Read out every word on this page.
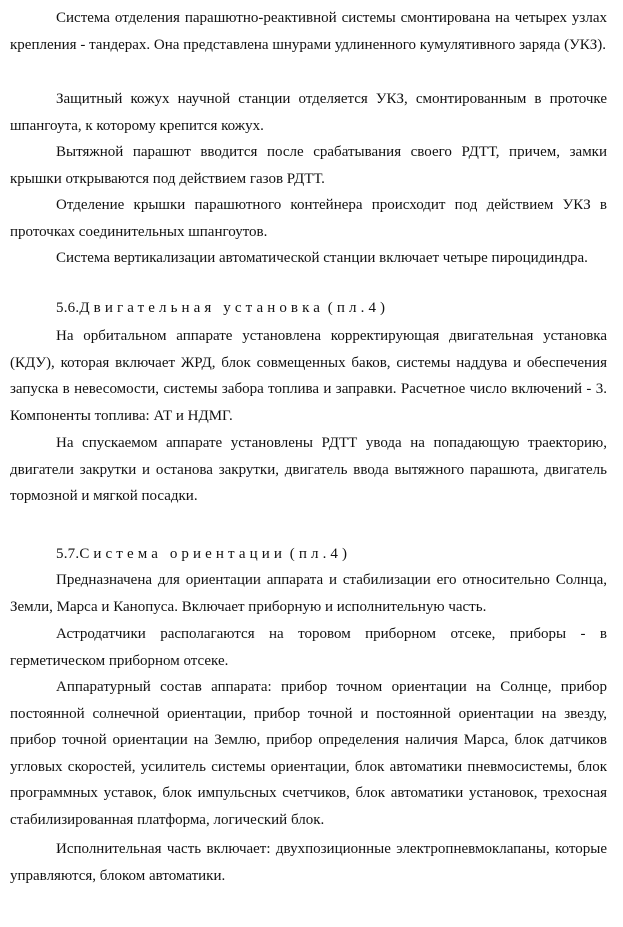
Система отделения парашютно-реактивной системы смонтирована на четырех узлах крепления - тандерах. Она представлена шнурами удлиненного кумулятивного заряда (УКЗ).

Защитный кожух научной станции отделяется УКЗ, смонтированным в проточке шпангоута, к которому крепится кожух.

Вытяжной парашют вводится после срабатывания своего РДТТ, причем, замки крышки открываются под действием газов РДТТ.

Отделение крышки парашютного контейнера происходит под действием УКЗ в проточках соединительных шпангоутов.

Система вертикализации автоматической станции включает четыре пироцидиндра.

5.6.Двигательная установка (пл.4)

На орбитальном аппарате установлена корректирующая двигательная установка (КДУ), которая включает ЖРД, блок совмещенных баков, системы наддува и обеспечения запуска в невесомости, системы забора топлива и заправки. Расчетное число включений - 3. Компоненты топлива: АТ и НДМГ.

На спускаемом аппарате установлены РДТТ увода на попадающую траекторию, двигатели закрутки и останова закрутки, двигатель ввода вытяжного парашюта, двигатель тормозной и мягкой посадки.

5.7.Система ориентации (пл.4)

Предназначена для ориентации аппарата и стабилизации его относительно Солнца, Земли, Марса и Канопуса. Включает приборную и исполнительную часть.

Астродатчики располагаются на торовом приборном отсеке, приборы - в герметическом приборном отсеке.

Аппаратурный состав аппарата: прибор точном ориентации на Солнце, прибор постоянной солнечной ориентации, прибор точной и постоянной ориентации на звезду, прибор точной ориентации на Землю, прибор определения наличия Марса, блок датчиков угловых скоростей, усилитель системы ориентации, блок автоматики пневмосистемы, блок программных уставок, блок импульсных счетчиков, блок автоматики установок, трехосная стабилизированная платформа, логический блок.

Исполнительная часть включает: двухпозиционные электропневмоклапаны, которые управляются, блоком автоматики.
